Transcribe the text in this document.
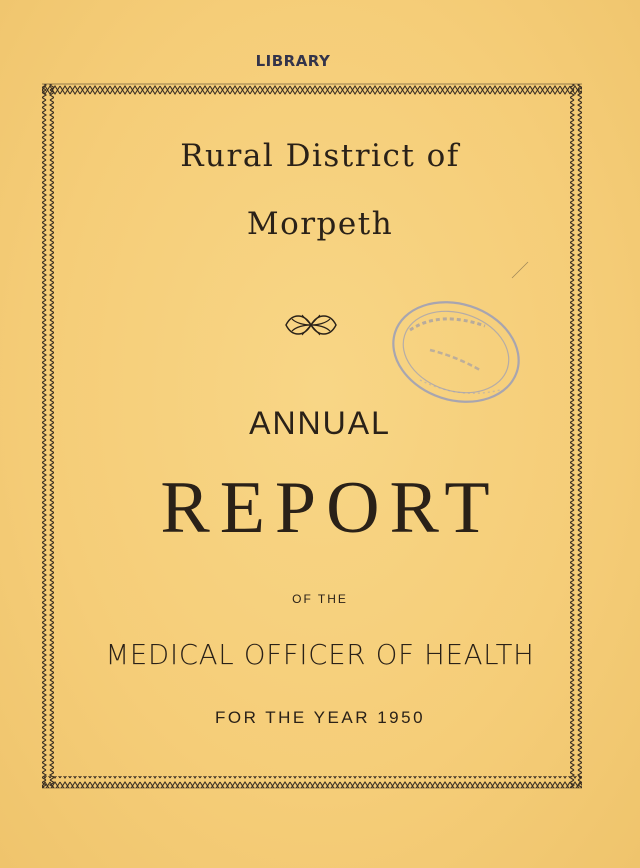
LIBRARY
Rural District of
Morpeth
ANNUAL
REPORT
OF THE
MEDICAL OFFICER OF HEALTH
FOR THE YEAR 1950
